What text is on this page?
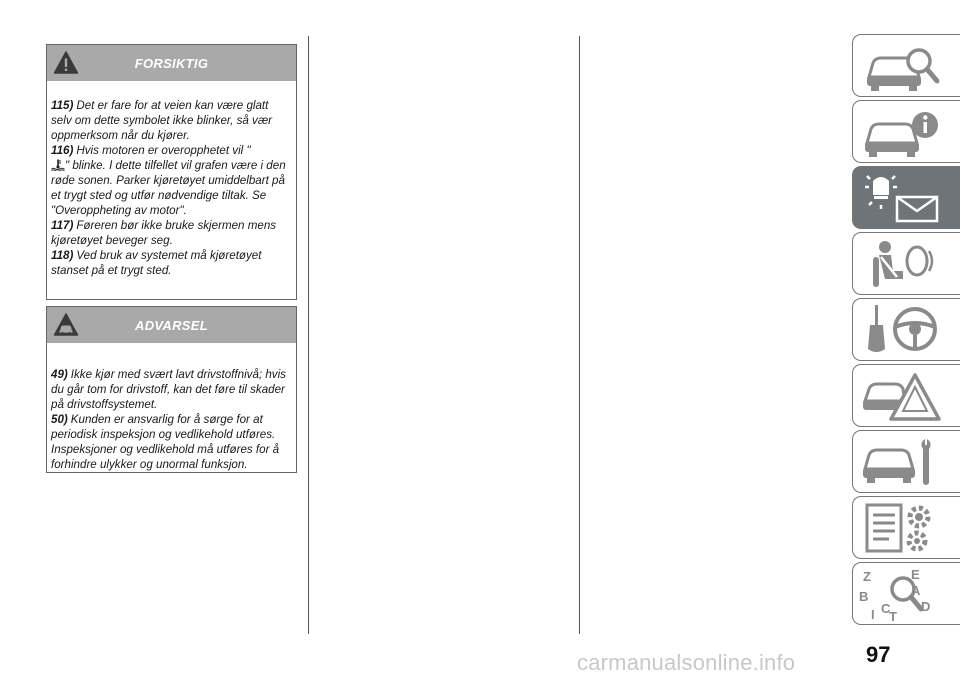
FORSIKTIG

115) Det er fare for at veien kan være glatt selv om dette symbolet ikke blinker, så vær oppmerksom når du kjører.

116) Hvis motoren er overopphetet vil "
" blinke. I dette tilfellet vil grafen være i den røde sonen. Parker kjøretøyet umiddelbart på et trygt sted og utfør nødvendige tiltak. Se "Overoppheting av motor".

117) Føreren bør ikke bruke skjermen mens kjøretøyet beveger seg.

118) Ved bruk av systemet må kjøretøyet stanset på et trygt sted.

ADVARSEL

49) Ikke kjør med svært lavt drivstoffnivå; hvis du går tom for drivstoff, kan det føre til skader på drivstoffsystemet.

50) Kunden er ansvarlig for å sørge for at periodisk inspeksjon og vedlikehold utføres. Inspeksjoner og vedlikehold må utføres for å forhindre ulykker og unormal funksjon.

Z	E
B	A
C D
I T
carmanualsonline.info	97
